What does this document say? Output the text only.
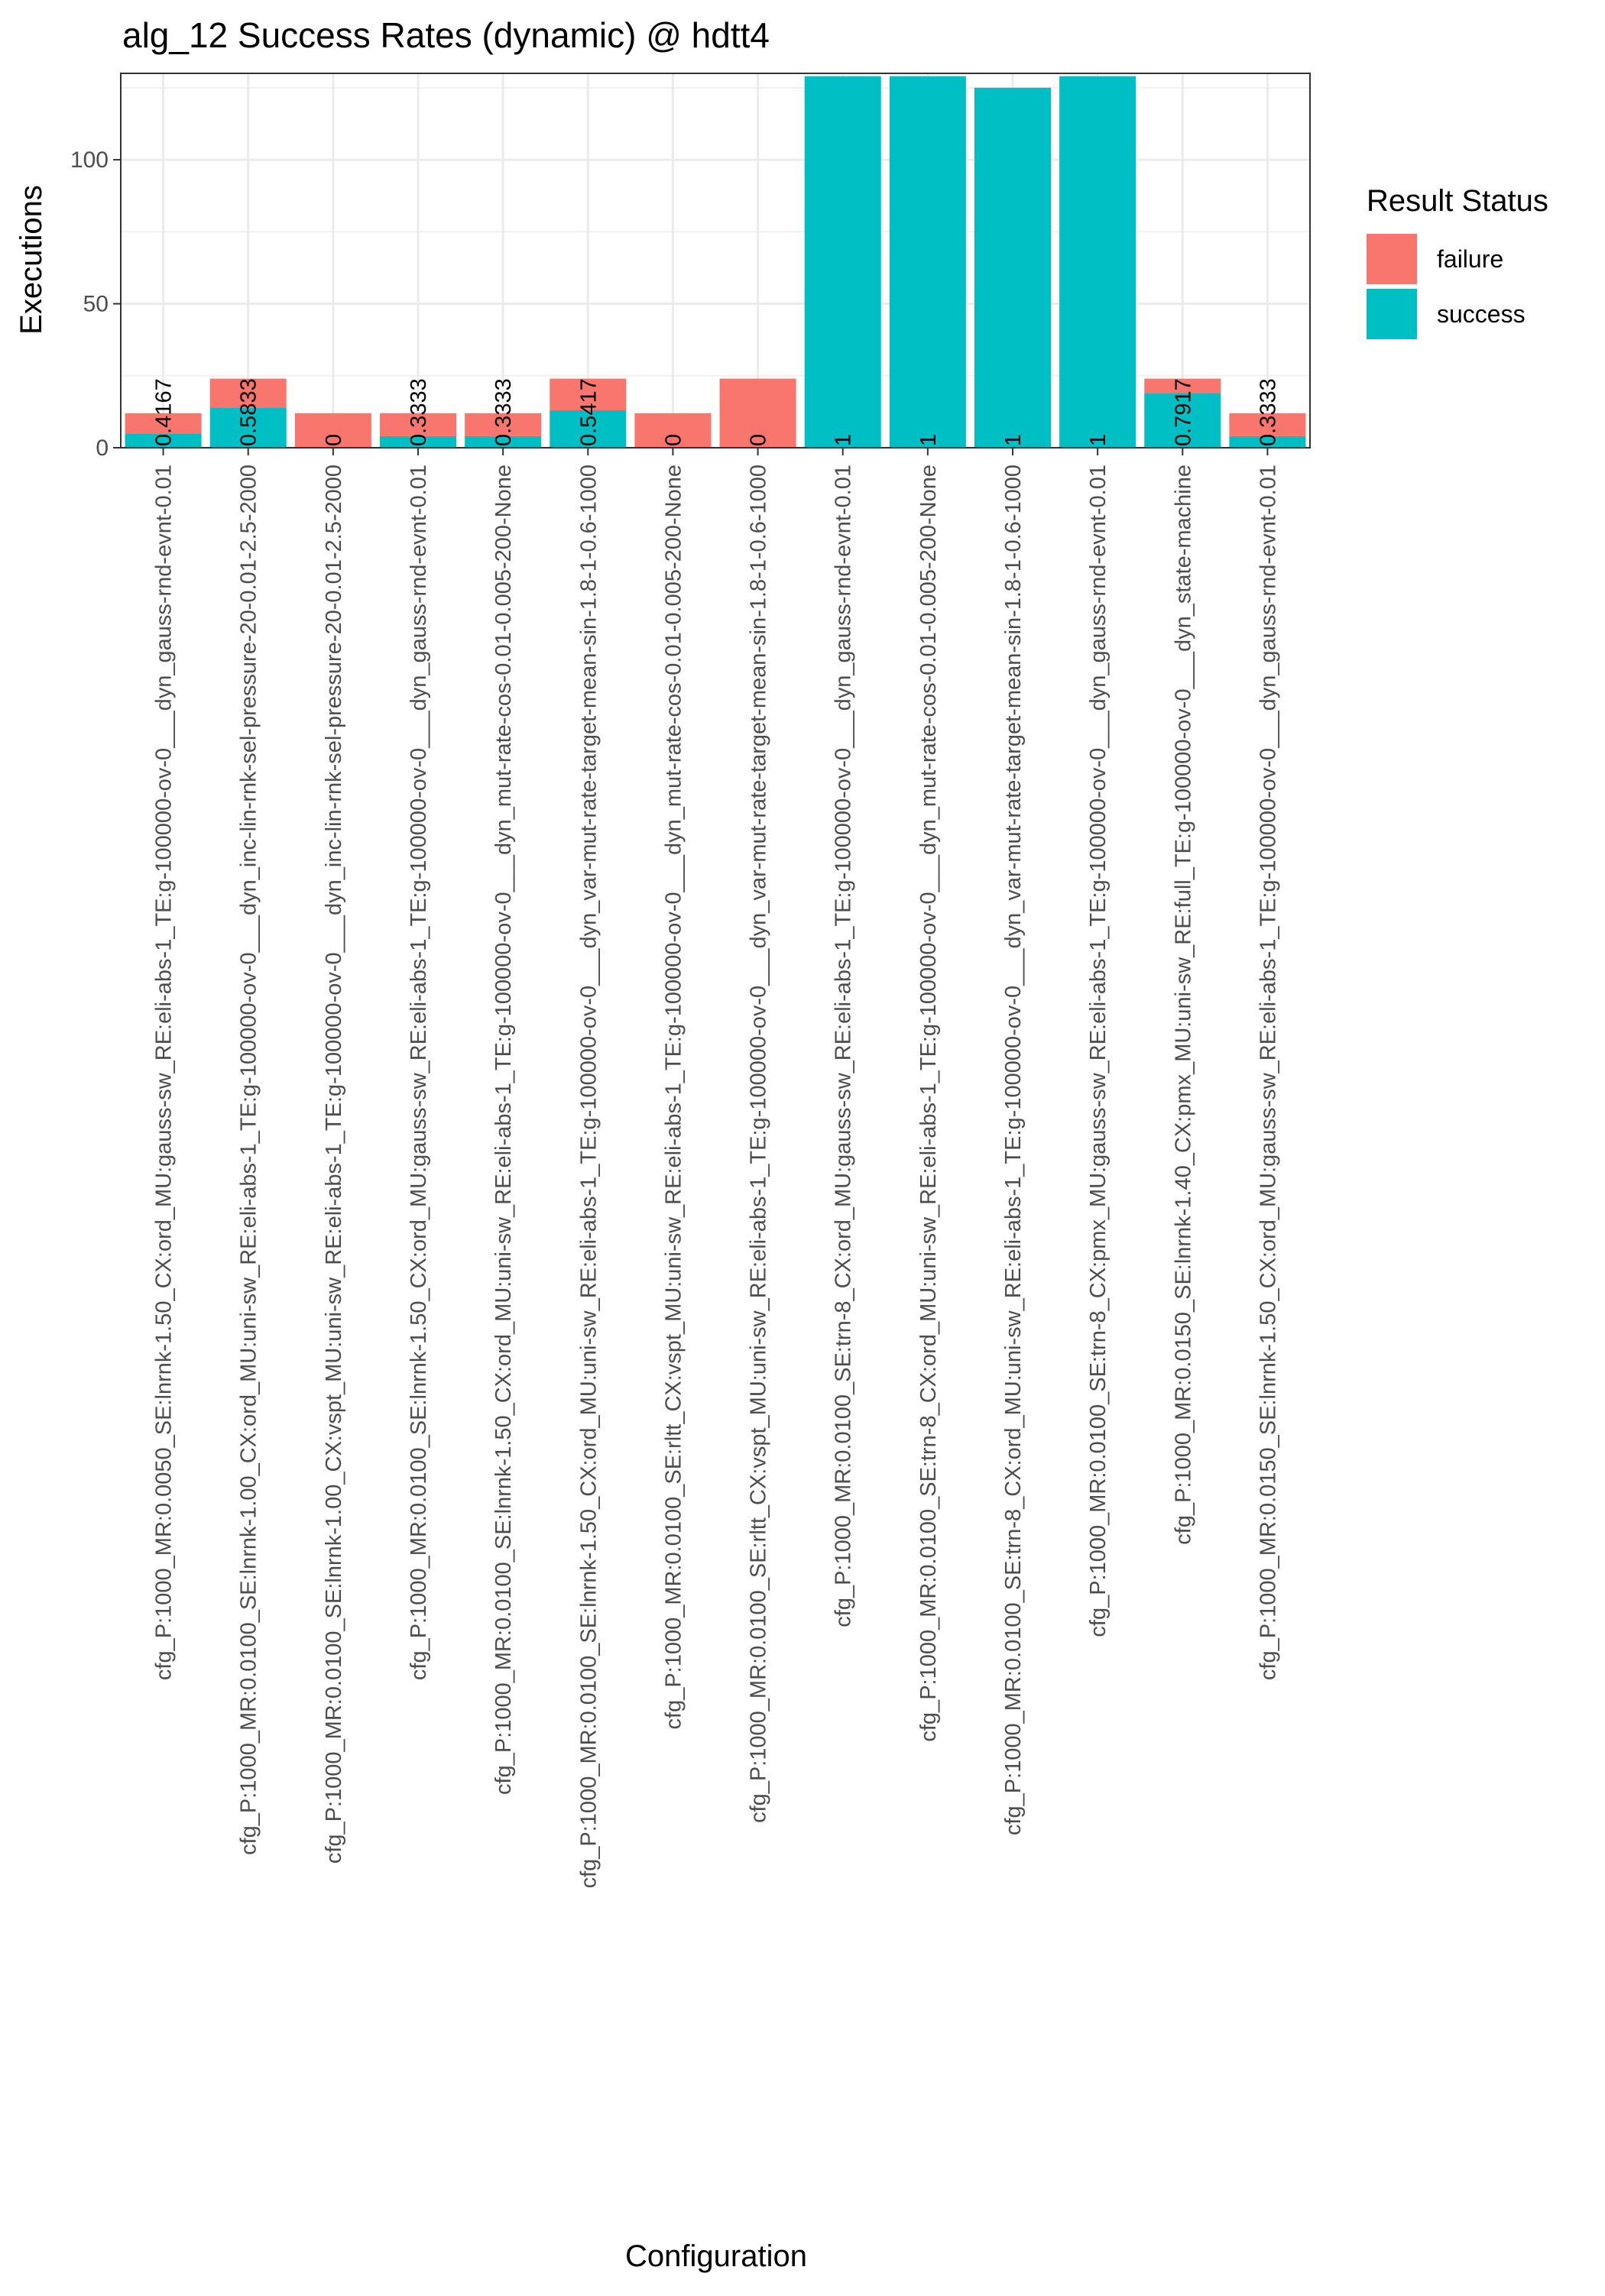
alg_12 Success Rates (dynamic) @ hdtt4
0.4167	0.5833	0	0.3333	0.3333	0.5417	0	0	1	1	1	1	0.7917	0.3333
0
50
100
cfg_P:1000_MR:0.0050_SE:lnrnk-1.50_CX:ord_MU:gauss-sw_RE:eli-abs-1_TE:g-100000-ov-0___dyn_gauss-rnd-evnt-0.01	cfg_P:1000_MR:0.0100_SE:lnrnk-1.00_CX:ord_MU:uni-sw_RE:eli-abs-1_TE:g-100000-ov-0___dyn_inc-lin-rnk-sel-pressure-20-0.01-2.5-2000	cfg_P:1000_MR:0.0100_SE:lnrnk-1.00_CX:vspt_MU:uni-sw_RE:eli-abs-1_TE:g-100000-ov-0___dyn_inc-lin-rnk-sel-pressure-20-0.01-2.5-2000	cfg_P:1000_MR:0.0100_SE:lnrnk-1.50_CX:ord_MU:gauss-sw_RE:eli-abs-1_TE:g-100000-ov-0___dyn_gauss-rnd-evnt-0.01	cfg_P:1000_MR:0.0100_SE:lnrnk-1.50_CX:ord_MU:uni-sw_RE:eli-abs-1_TE:g-100000-ov-0___dyn_mut-rate-cos-0.01-0.005-200-None	cfg_P:1000_MR:0.0100_SE:lnrnk-1.50_CX:ord_MU:uni-sw_RE:eli-abs-1_TE:g-100000-ov-0___dyn_var-mut-rate-target-mean-sin-1.8-1-0.6-1000	cfg_P:1000_MR:0.0100_SE:rltt_CX:vspt_MU:uni-sw_RE:eli-abs-1_TE:g-100000-ov-0___dyn_mut-rate-cos-0.01-0.005-200-None	cfg_P:1000_MR:0.0100_SE:rltt_CX:vspt_MU:uni-sw_RE:eli-abs-1_TE:g-100000-ov-0___dyn_var-mut-rate-target-mean-sin-1.8-1-0.6-1000	cfg_P:1000_MR:0.0100_SE:trn-8_CX:ord_MU:gauss-sw_RE:eli-abs-1_TE:g-100000-ov-0___dyn_gauss-rnd-evnt-0.01	cfg_P:1000_MR:0.0100_SE:trn-8_CX:ord_MU:uni-sw_RE:eli-abs-1_TE:g-100000-ov-0___dyn_mut-rate-cos-0.01-0.005-200-None	cfg_P:1000_MR:0.0100_SE:trn-8_CX:ord_MU:uni-sw_RE:eli-abs-1_TE:g-100000-ov-0___dyn_var-mut-rate-target-mean-sin-1.8-1-0.6-1000	cfg_P:1000_MR:0.0100_SE:trn-8_CX:pmx_MU:gauss-sw_RE:eli-abs-1_TE:g-100000-ov-0___dyn_gauss-rnd-evnt-0.01	cfg_P:1000_MR:0.0150_SE:lnrnk-1.40_CX:pmx_MU:uni-sw_RE:full_TE:g-100000-ov-0___dyn_state-machine	cfg_P:1000_MR:0.0150_SE:lnrnk-1.50_CX:ord_MU:gauss-sw_RE:eli-abs-1_TE:g-100000-ov-0___dyn_gauss-rnd-evnt-0.01
Executions
Configuration
Result Status
failure
success
